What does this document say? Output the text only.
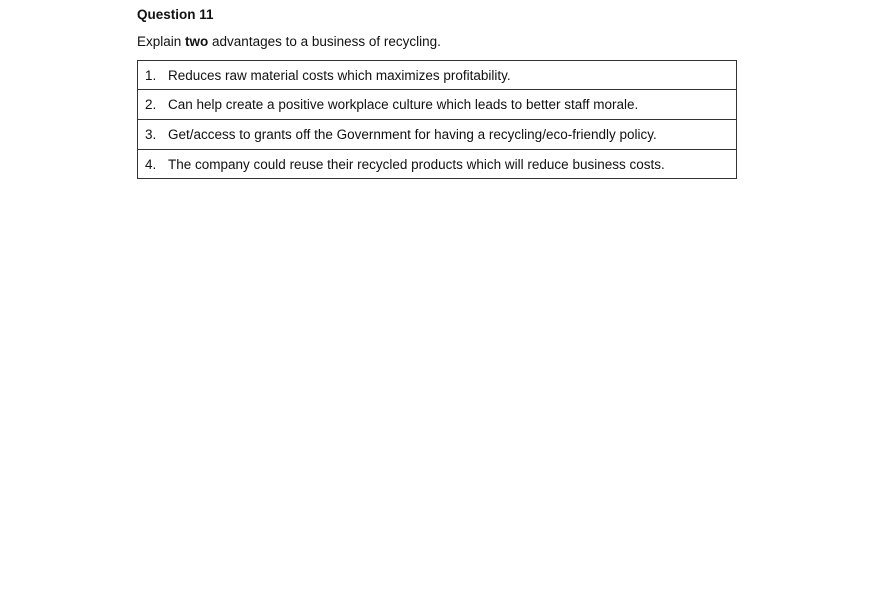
Question 11

Explain two advantages to a business of recycling.

1. Reduces raw material costs which maximizes profitability.
2. Can help create a positive workplace culture which leads to better staff morale.
3. Get/access to grants off the Government for having a recycling/eco-friendly policy.
4. The company could reuse their recycled products which will reduce business costs.
